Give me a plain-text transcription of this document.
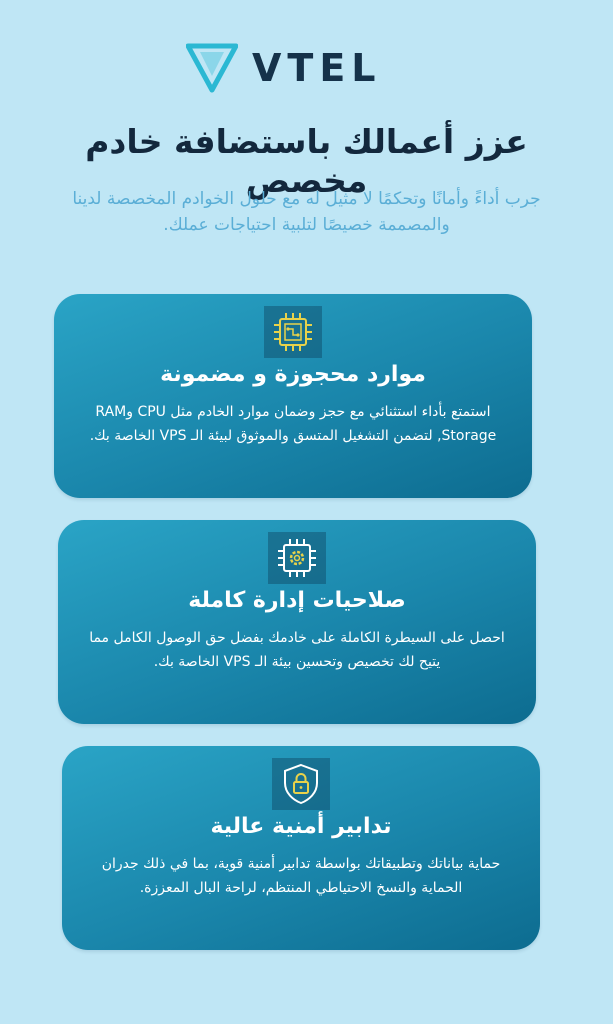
VTEL
عزز أعمالك باستضافة خادم مخصص
جرب أداءً وأمانًا وتحكمًا لا مثيل له مع حلول الخوادم المخصصة لدينا والمصممة خصيصًا لتلبية احتياجات عملك.
موارد محجوزة و مضمونة
استمتع بأداء استثنائي مع حجز وضمان موارد الخادم مثل CPU وRAM ,Storage لتضمن التشغيل المتسق والموثوق لبيئة الـ VPS الخاصة بك.
صلاحيات إدارة كاملة
احصل على السيطرة الكاملة على خادمك بفضل حق الوصول الكامل مما يتيح لك تخصيص وتحسين بيئة الـ VPS الخاصة بك.
تدابير أمنية عالية
حماية بياناتك وتطبيقاتك بواسطة تدابير أمنية قوية، بما في ذلك جدران الحماية والنسخ الاحتياطي المنتظم، لراحة البال المعززة.
